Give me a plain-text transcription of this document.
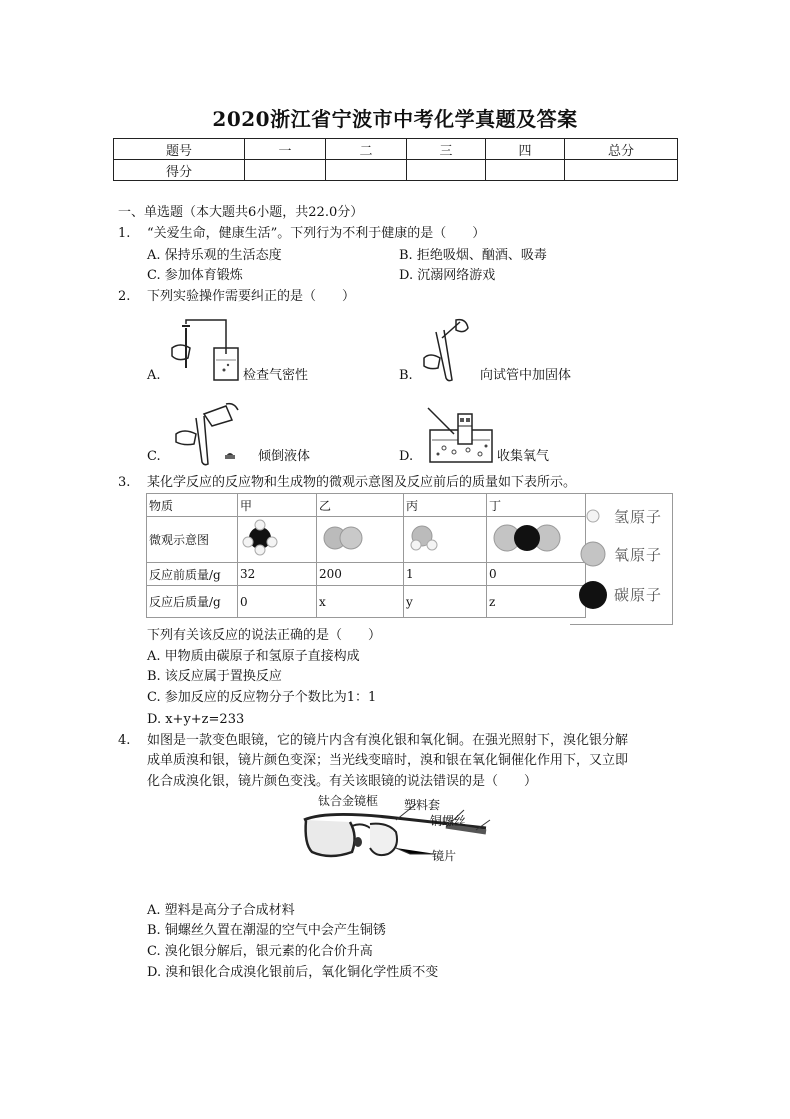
2020浙江省宁波市中考化学真题及答案
题号	一	二	三	四	总分
得分					
一、单选题（本大题共6小题，共22.0分）
1. “关爱生命，健康生活”。下列行为不利于健康的是（　　）
A. 保持乐观的生活态度	B. 拒绝吸烟、酗酒、吸毒
C. 参加体育锻炼	D. 沉溺网络游戏
2. 下列实验操作需要纠正的是（　　）
A.	检查气密性	B.	向试管中加固体
C.	倾倒液体	D.	收集氧气
3. 某化学反应的反应物和生成物的微观示意图及反应前后的质量如下表所示。
物质	甲	乙	丙	丁	
微观示意图				
反应前质量/g	32	200	1	0	
反应后质量/g	0	x	y	z	
氢原子
氧原子
碳原子
下列有关该反应的说法正确的是（　　）
A. 甲物质由碳原子和氢原子直接构成
B. 该反应属于置换反应
C. 参加反应的反应物分子个数比为1：1
D. x+y+z=233
4. 如图是一款变色眼镜，它的镜片内含有溴化银和氧化铜。在强光照射下，溴化银分解
成单质溴和银，镜片颜色变深；当光线变暗时，溴和银在氧化铜催化作用下，又立即
化合成溴化银，镜片颜色变浅。有关该眼镜的说法错误的是（　　）
钛合金镜框 塑料套
铜螺丝
镜片
A. 塑料是高分子合成材料
B. 铜螺丝久置在潮湿的空气中会产生铜锈
C. 溴化银分解后，银元素的化合价升高
D. 溴和银化合成溴化银前后，氧化铜化学性质不变
